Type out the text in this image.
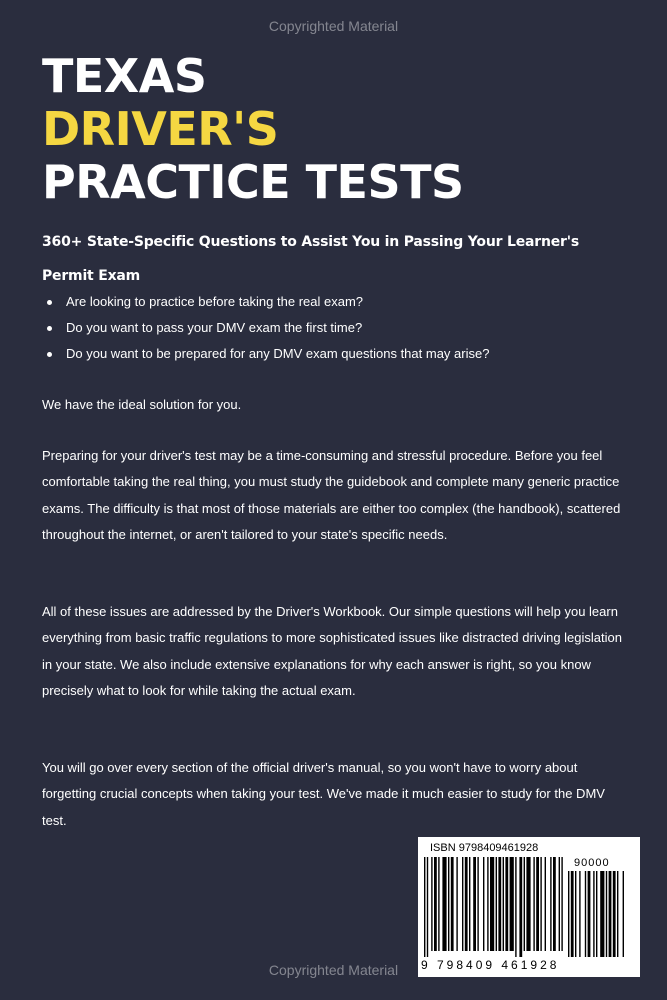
Copyrighted Material
TEXAS
DRIVER'S
PRACTICE TESTS
360+ State-Specific Questions to Assist You in Passing Your Learner's Permit Exam
Are looking to practice before taking the real exam?
Do you want to pass your DMV exam the first time?
Do you want to be prepared for any DMV exam questions that may arise?

We have the ideal solution for you.

Preparing for your driver's test may be a time-consuming and stressful procedure. Before you feel comfortable taking the real thing, you must study the guidebook and complete many generic practice exams. The difficulty is that most of those materials are either too complex (the handbook), scattered throughout the internet, or aren't tailored to your state's specific needs.

All of these issues are addressed by the Driver's Workbook. Our simple questions will help you learn everything from basic traffic regulations to more sophisticated issues like distracted driving legislation in your state. We also include extensive explanations for why each answer is right, so you know precisely what to look for while taking the actual exam.

You will go over every section of the official driver's manual, so you won't have to worry about forgetting crucial concepts when taking your test. We've made it much easier to study for the DMV test.

ISBN 9798409461928
90000
9 798409 461928
Copyrighted Material
